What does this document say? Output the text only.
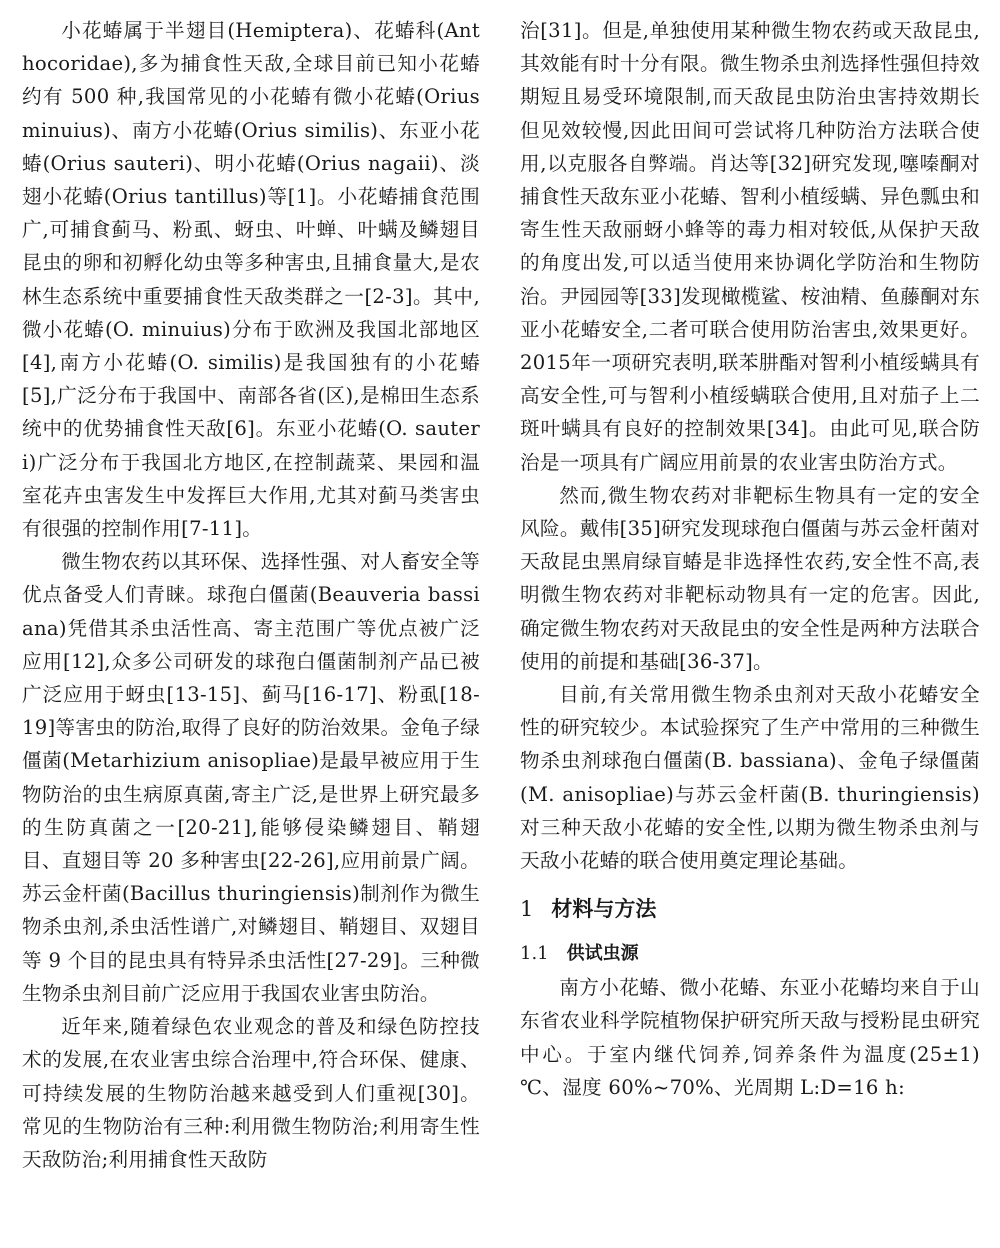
小花蝽属于半翅目(Hemiptera)、花蝽科(Anthocoridae),多为捕食性天敌,全球目前已知小花蝽约有 500 种,我国常见的小花蝽有微小花蝽(Orius minuius)、南方小花蝽(Orius similis)、东亚小花蝽(Orius sauteri)、明小花蝽(Orius nagaii)、淡翅小花蝽(Orius tantillus)等[1]。小花蝽捕食范围广,可捕食蓟马、粉虱、蚜虫、叶蝉、叶螨及鳞翅目昆虫的卵和初孵化幼虫等多种害虫,且捕食量大,是农林生态系统中重要捕食性天敌类群之一[2-3]。其中,微小花蝽(O. minuius)分布于欧洲及我国北部地区[4],南方小花蝽(O. similis)是我国独有的小花蝽[5],广泛分布于我国中、南部各省(区),是棉田生态系统中的优势捕食性天敌[6]。东亚小花蝽(O. sauteri)广泛分布于我国北方地区,在控制蔬菜、果园和温室花卉虫害发生中发挥巨大作用,尤其对蓟马类害虫有很强的控制作用[7-11]。

微生物农药以其环保、选择性强、对人畜安全等优点备受人们青睐。球孢白僵菌(Beauveria bassiana)凭借其杀虫活性高、寄主范围广等优点被广泛应用[12],众多公司研发的球孢白僵菌制剂产品已被广泛应用于蚜虫[13-15]、蓟马[16-17]、粉虱[18-19]等害虫的防治,取得了良好的防治效果。金龟子绿僵菌(Metarhizium anisopliae)是最早被应用于生物防治的虫生病原真菌,寄主广泛,是世界上研究最多的生防真菌之一[20-21],能够侵染鳞翅目、鞘翅目、直翅目等 20 多种害虫[22-26],应用前景广阔。苏云金杆菌(Bacillus thuringiensis)制剂作为微生物杀虫剂,杀虫活性谱广,对鳞翅目、鞘翅目、双翅目等 9 个目的昆虫具有特异杀虫活性[27-29]。三种微生物杀虫剂目前广泛应用于我国农业害虫防治。

近年来,随着绿色农业观念的普及和绿色防控技术的发展,在农业害虫综合治理中,符合环保、健康、可持续发展的生物防治越来越受到人们重视[30]。常见的生物防治有三种:利用微生物防治;利用寄生性天敌防治;利用捕食性天敌防

治[31]。但是,单独使用某种微生物农药或天敌昆虫,其效能有时十分有限。微生物杀虫剂选择性强但持效期短且易受环境限制,而天敌昆虫防治虫害持效期长但见效较慢,因此田间可尝试将几种防治方法联合使用,以克服各自弊端。肖达等[32]研究发现,噻嗪酮对捕食性天敌东亚小花蝽、智利小植绥螨、异色瓢虫和寄生性天敌丽蚜小蜂等的毒力相对较低,从保护天敌的角度出发,可以适当使用来协调化学防治和生物防治。尹园园等[33]发现橄榄鲨、桉油精、鱼藤酮对东亚小花蝽安全,二者可联合使用防治害虫,效果更好。2015年一项研究表明,联苯肼酯对智利小植绥螨具有高安全性,可与智利小植绥螨联合使用,且对茄子上二斑叶螨具有良好的控制效果[34]。由此可见,联合防治是一项具有广阔应用前景的农业害虫防治方式。

然而,微生物农药对非靶标生物具有一定的安全风险。戴伟[35]研究发现球孢白僵菌与苏云金杆菌对天敌昆虫黑肩绿盲蝽是非选择性农药,安全性不高,表明微生物农药对非靶标动物具有一定的危害。因此,确定微生物农药对天敌昆虫的安全性是两种方法联合使用的前提和基础[36-37]。

目前,有关常用微生物杀虫剂对天敌小花蝽安全性的研究较少。本试验探究了生产中常用的三种微生物杀虫剂球孢白僵菌(B. bassiana)、金龟子绿僵菌(M. anisopliae)与苏云金杆菌(B. thuringiensis)对三种天敌小花蝽的安全性,以期为微生物杀虫剂与天敌小花蝽的联合使用奠定理论基础。

1 材料与方法
1.1 供试虫源

南方小花蝽、微小花蝽、东亚小花蝽均来自于山东省农业科学院植物保护研究所天敌与授粉昆虫研究中心。于室内继代饲养,饲养条件为温度(25±1) ℃、湿度 60%~70%、光周期 L:D=16 h:
